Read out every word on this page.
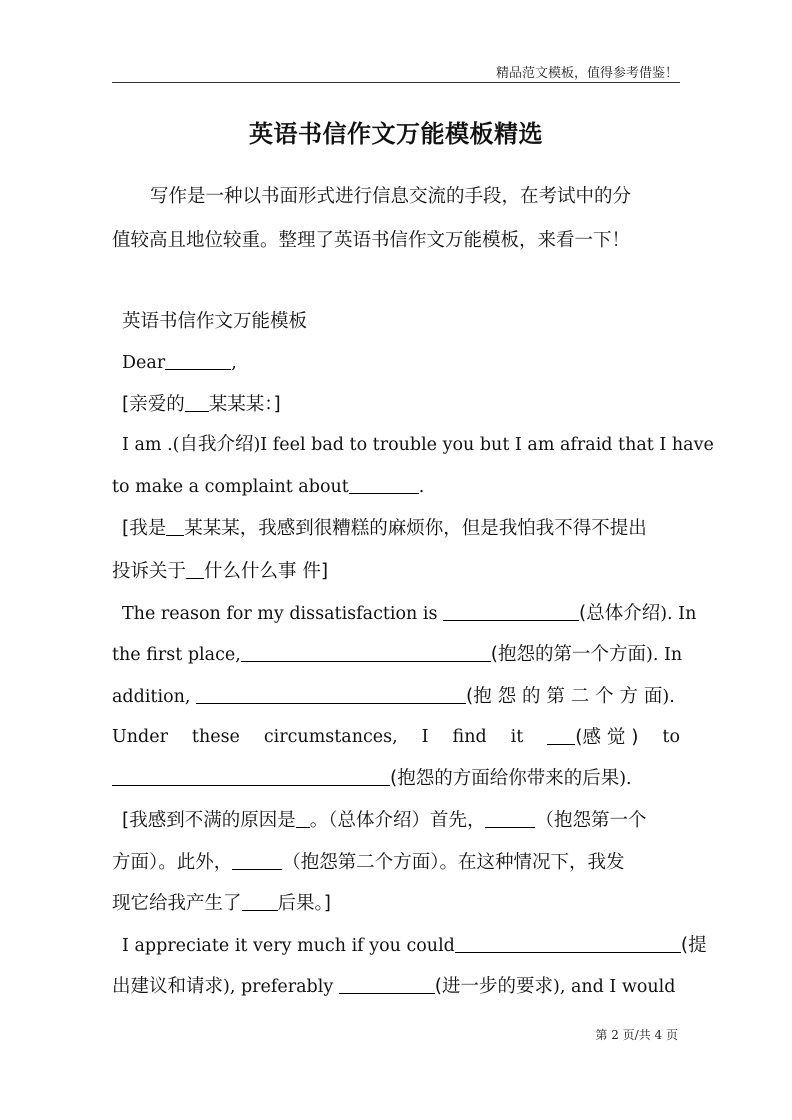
精品范文模板，值得参考借鉴！
英语书信作文万能模板精选
写作是一种以书面形式进行信息交流的手段，在考试中的分
值较高且地位较重。整理了英语书信作文万能模板，来看一下！
英语书信作文万能模板
Dear	,
[亲爱的 某某某：]
I am .(自我介绍)I feel bad to trouble you but I am afraid that I have
to make a complaint about	.
[我是 某某某，我感到很糟糕的麻烦你，但是我怕我不得不提出
投诉关于 什么什么事 件]
The reason for my dissatisfaction is	(总体介绍). In
the first place,	(抱怨的第一个方面). In
addition,	(抱 怨 的 第 二 个 方 面).
Under these circumstances, I find it	(感 觉 ) to
(抱怨的方面给你带来的后果).
[我感到不满的原因是 。（总体介绍）首先，	（抱怨第一个
方面）。此外，	（抱怨第二个方面）。在这种情况下，我发
现它给我产生了 后果。]
I appreciate it very much if you could	(提
出建议和请求), preferably	(进一步的要求), and I would
第 2 页/共 4 页
